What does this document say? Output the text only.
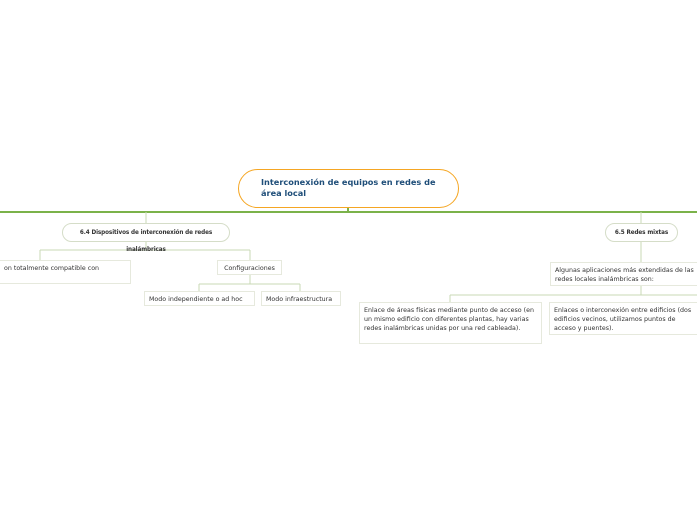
Interconexión de equipos en redes de área local
6.4 Dispositivos de interconexión de redes inalámbricas
6.5 Redes mixtas
on totalmente compatible con	Configuraciones
Modo independiente o ad hoc	Modo infraestructura
Algunas aplicaciones más extendidas de las redes locales inalámbricas son:
Enlace de áreas físicas mediante punto de acceso (en un mismo edificio con diferentes plantas, hay varias redes inalámbricas unidas por una red cableada).
Enlaces o interconexión entre edificios (dos edificios vecinos, utilizamos puntos de acceso y puentes).
